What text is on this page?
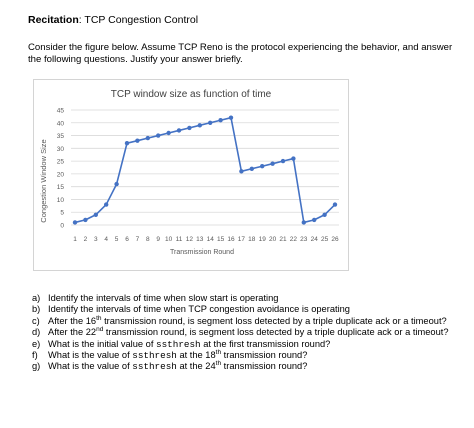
Recitation: TCP Congestion Control
Consider the figure below. Assume TCP Reno is the protocol experiencing the behavior, and answer the following questions. Justify your answer briefly.
TCP window size as function of time
Congestion Window Size
Transmission Round
0
5
10
15
20
25
30
35
40
45
1 2 3 4 5 6 7 8 9 10 11 12 13 14 15 16 17 18 19 20 21 22 23 24 25 26
a) Identify the intervals of time when slow start is operating
b) Identify the intervals of time when TCP congestion avoidance is operating
c) After the 16th transmission round, is segment loss detected by a triple duplicate ack or a timeout?
d) After the 22nd transmission round, is segment loss detected by a triple duplicate ack or a timeout?
e) What is the initial value of ssthresh at the first transmission round?
f) What is the value of ssthresh at the 18th transmission round?
g) What is the value of ssthresh at the 24th transmission round?
